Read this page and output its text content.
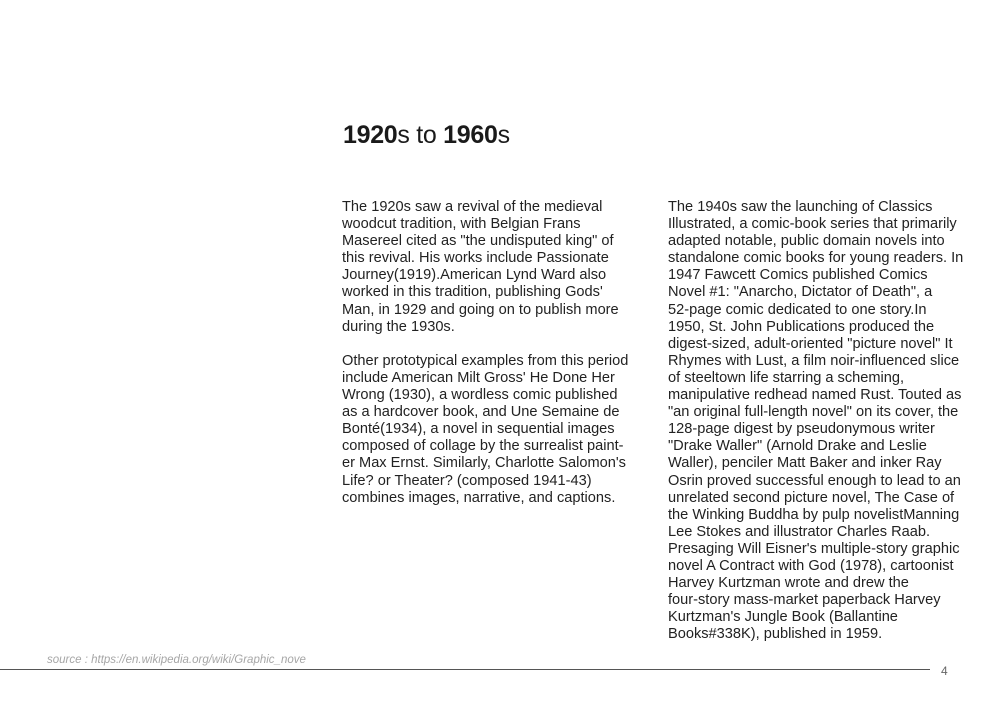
1920s to 1960s

The 1920s saw a revival of the medieval
woodcut tradition, with Belgian Frans
Masereel cited as "the undisputed king" of
this revival. His works include Passionate
Journey(1919).American Lynd Ward also
worked in this tradition, publishing Gods'
Man, in 1929 and going on to publish more
during the 1930s.

Other prototypical examples from this period
include American Milt Gross' He Done Her
Wrong (1930), a wordless comic published
as a hardcover book, and Une Semaine de
Bonté(1934), a novel in sequential images
composed of collage by the surrealist paint-
er Max Ernst. Similarly, Charlotte Salomon's
Life? or Theater? (composed 1941-43)
combines images, narrative, and captions.

The 1940s saw the launching of Classics
Illustrated, a comic-book series that primarily
adapted notable, public domain novels into
standalone comic books for young readers. In
1947 Fawcett Comics published Comics
Novel #1: "Anarcho, Dictator of Death", a
52-page comic dedicated to one story.In
1950, St. John Publications produced the
digest-sized, adult-oriented "picture novel" It
Rhymes with Lust, a film noir-influenced slice
of steeltown life starring a scheming,
manipulative redhead named Rust. Touted as
"an original full-length novel" on its cover, the
128-page digest by pseudonymous writer
"Drake Waller" (Arnold Drake and Leslie
Waller), penciler Matt Baker and inker Ray
Osrin proved successful enough to lead to an
unrelated second picture novel, The Case of
the Winking Buddha by pulp novelistManning
Lee Stokes and illustrator Charles Raab.
Presaging Will Eisner's multiple-story graphic
novel A Contract with God (1978), cartoonist
Harvey Kurtzman wrote and drew the
four-story mass-market paperback Harvey
Kurtzman's Jungle Book (Ballantine
Books#338K), published in 1959.

source : https://en.wikipedia.org/wiki/Graphic_nove
4
